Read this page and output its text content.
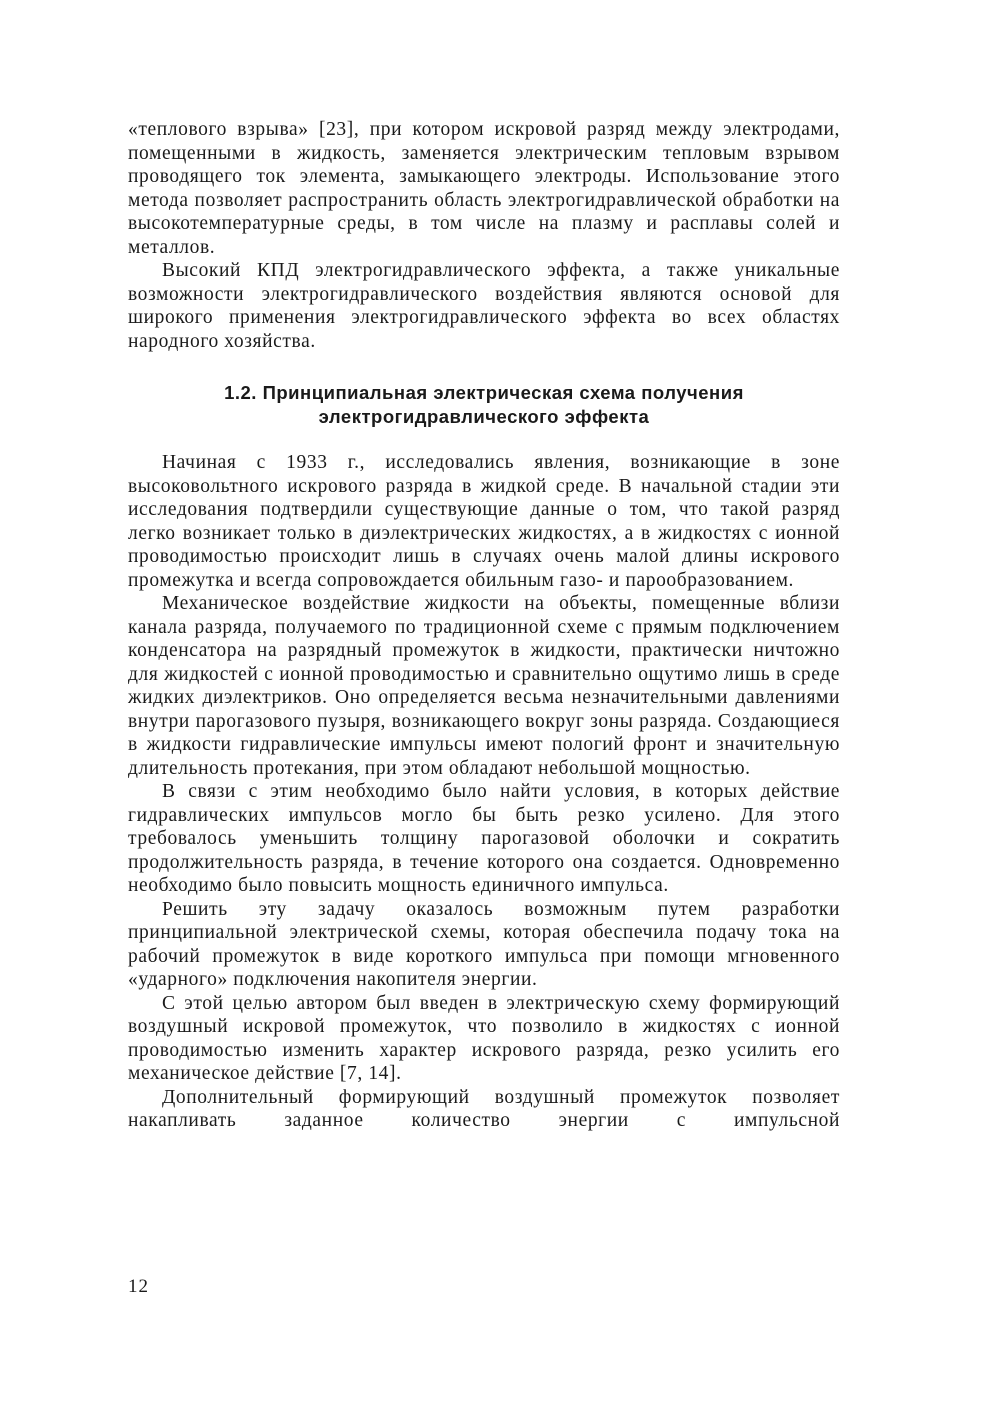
«теплового взрыва» [23], при котором искровой разряд между электродами, помещенными в жидкость, заменяется электрическим тепловым взрывом проводящего ток элемента, замыкающего электроды. Использование этого метода позволяет распространить область электрогидравлической обработки на высокотемпературные среды, в том числе на плазму и расплавы солей и металлов.

Высокий КПД электрогидравлического эффекта, а также уникальные возможности электрогидравлического воздействия являются основой для широкого применения электрогидравлического эффекта во всех областях народного хозяйства.

1.2. Принципиальная электрическая схема получения
электрогидравлического эффекта

Начиная с 1933 г., исследовались явления, возникающие в зоне высоковольтного искрового разряда в жидкой среде. В начальной стадии эти исследования подтвердили существующие данные о том, что такой разряд легко возникает только в диэлектрических жидкостях, а в жидкостях с ионной проводимостью происходит лишь в случаях очень малой длины искрового промежутка и всегда сопровождается обильным газо- и парообразованием.

Механическое воздействие жидкости на объекты, помещенные вблизи канала разряда, получаемого по традиционной схеме с прямым подключением конденсатора на разрядный промежуток в жидкости, практически ничтожно для жидкостей с ионной проводимостью и сравнительно ощутимо лишь в среде жидких диэлектриков. Оно определяется весьма незначительными давлениями внутри парогазового пузыря, возникающего вокруг зоны разряда. Создающиеся в жидкости гидравлические импульсы имеют пологий фронт и значительную длительность протекания, при этом обладают небольшой мощностью.

В связи с этим необходимо было найти условия, в которых действие гидравлических импульсов могло бы быть резко усилено. Для этого требовалось уменьшить толщину парогазовой оболочки и сократить продолжительность разряда, в течение которого она создается. Одновременно необходимо было повысить мощность единичного импульса.

Решить эту задачу оказалось возможным путем разработки принципиальной электрической схемы, которая обеспечила подачу тока на рабочий промежуток в виде короткого импульса при помощи мгновенного «ударного» подключения накопителя энергии.

С этой целью автором был введен в электрическую схему формирующий воздушный искровой промежуток, что позволило в жидкостях с ионной проводимостью изменить характер искрового разряда, резко усилить его механическое действие [7, 14].

Дополнительный формирующий воздушный промежуток позволяет накапливать заданное количество энергии с импульсной

12
